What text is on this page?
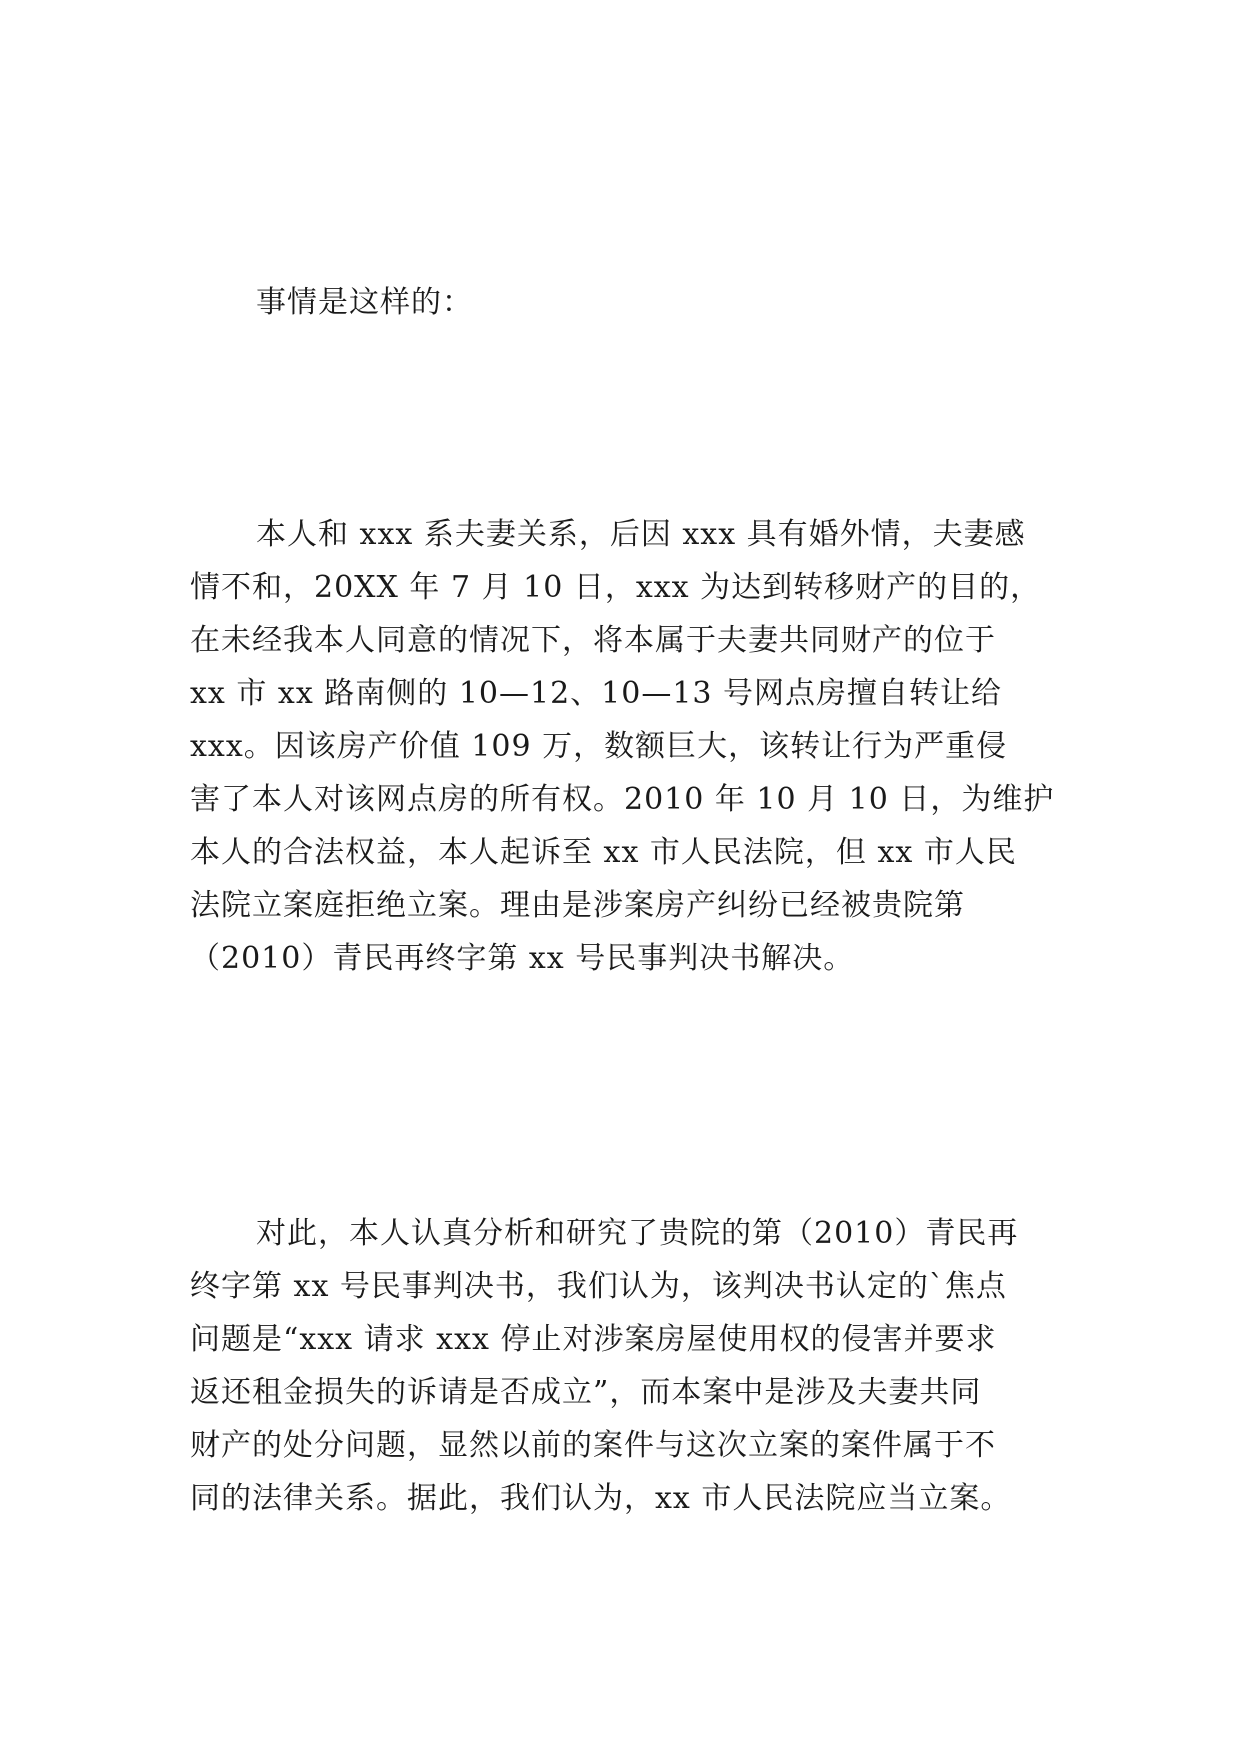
事情是这样的：
本人和 xxx 系夫妻关系，后因 xxx 具有婚外情，夫妻感
情不和，20XX 年 7 月 10 日，xxx 为达到转移财产的目的，
在未经我本人同意的情况下，将本属于夫妻共同财产的位于
xx 市 xx 路南侧的 10—12、10—13 号网点房擅自转让给
xxx。因该房产价值 109 万，数额巨大，该转让行为严重侵
害了本人对该网点房的所有权。2010 年 10 月 10 日，为维护
本人的合法权益，本人起诉至 xx 市人民法院，但 xx 市人民
法院立案庭拒绝立案。理由是涉案房产纠纷已经被贵院第
（2010）青民再终字第 xx 号民事判决书解决。
对此，本人认真分析和研究了贵院的第（2010）青民再
终字第 xx 号民事判决书，我们认为，该判决书认定的`焦点
问题是“xxx 请求 xxx 停止对涉案房屋使用权的侵害并要求
返还租金损失的诉请是否成立”，而本案中是涉及夫妻共同
财产的处分问题，显然以前的案件与这次立案的案件属于不
同的法律关系。据此，我们认为，xx 市人民法院应当立案。
